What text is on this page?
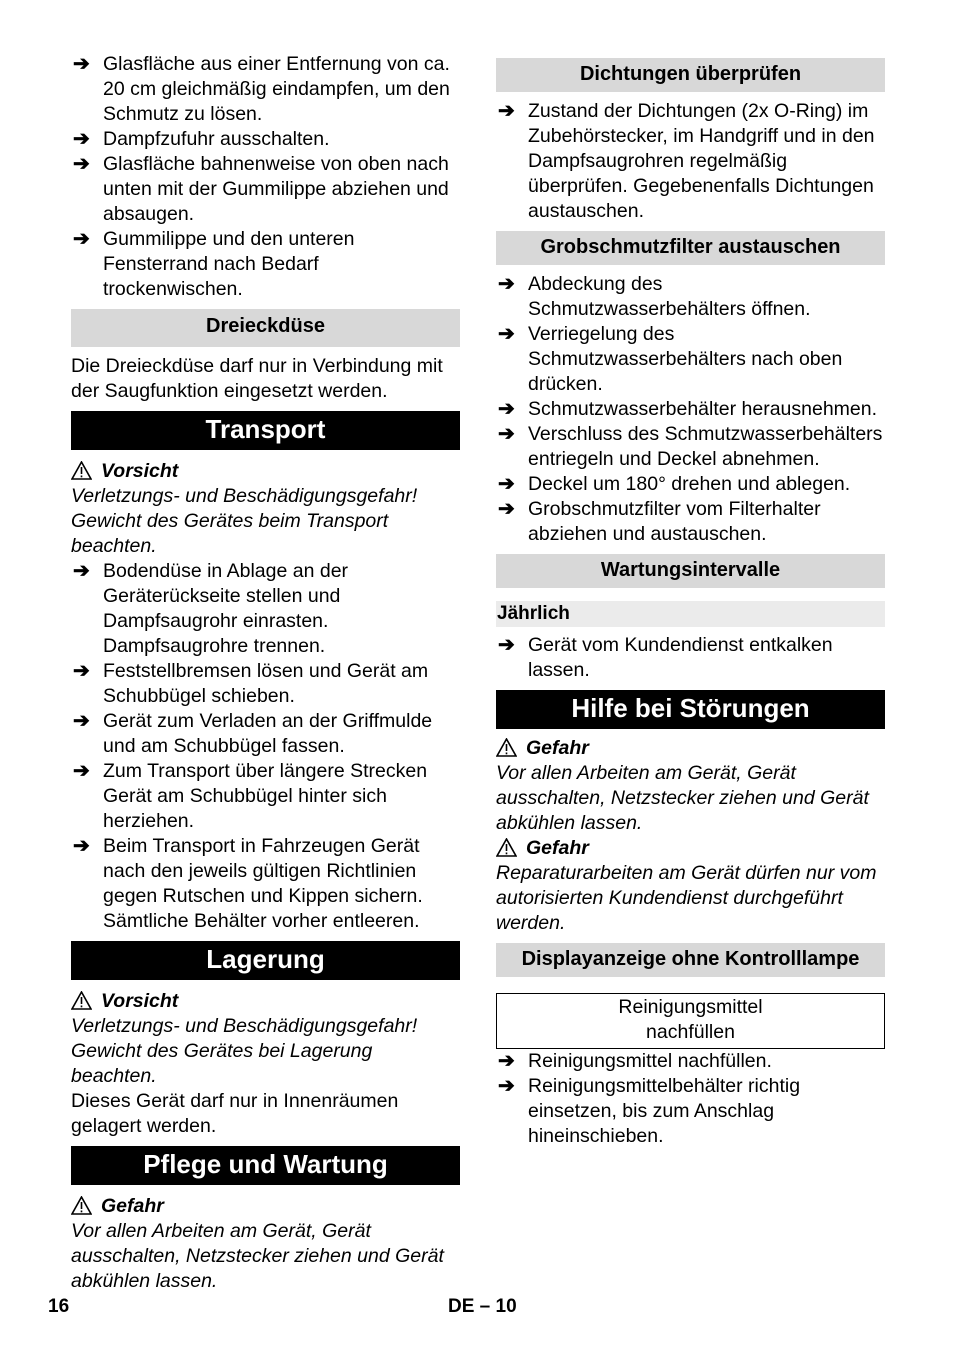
➔ Glasfläche aus einer Entfernung von ca. 20 cm gleichmäßig eindampfen, um den Schmutz zu lösen.
➔ Dampfzufuhr ausschalten.
➔ Glasfläche bahnenweise von oben nach unten mit der Gummilippe abziehen und absaugen.
➔ Gummilippe und den unteren Fensterrand nach Bedarf trockenwischen.
Dreieckdüse
Die Dreieckdüse darf nur in Verbindung mit der Saugfunktion eingesetzt werden.
Transport
Vorsicht
Verletzungs- und Beschädigungsgefahr! Gewicht des Gerätes beim Transport beachten.
➔ Bodendüse in Ablage an der Geräterückseite stellen und Dampfsaugrohr einrasten. Dampfsaugrohre trennen.
➔ Feststellbremsen lösen und Gerät am Schubbügel schieben.
➔ Gerät zum Verladen an der Griffmulde und am Schubbügel fassen.
➔ Zum Transport über längere Strecken Gerät am Schubbügel hinter sich herziehen.
➔ Beim Transport in Fahrzeugen Gerät nach den jeweils gültigen Richtlinien gegen Rutschen und Kippen sichern. Sämtliche Behälter vorher entleeren.
Lagerung
Vorsicht
Verletzungs- und Beschädigungsgefahr! Gewicht des Gerätes bei Lagerung beachten.
Dieses Gerät darf nur in Innenräumen gelagert werden.
Pflege und Wartung
Gefahr
Vor allen Arbeiten am Gerät, Gerät ausschalten, Netzstecker ziehen und Gerät abkühlen lassen.
Dichtungen überprüfen
➔ Zustand der Dichtungen (2x O-Ring) im Zubehörstecker, im Handgriff und in den Dampfsaugrohren regelmäßig überprüfen. Gegebenenfalls Dichtungen austauschen.
Grobschmutzfilter austauschen
➔ Abdeckung des Schmutzwasserbehälters öffnen.
➔ Verriegelung des Schmutzwasserbehälters nach oben drücken.
➔ Schmutzwasserbehälter herausnehmen.
➔ Verschluss des Schmutzwasserbehälters entriegeln und Deckel abnehmen.
➔ Deckel um 180° drehen und ablegen.
➔ Grobschmutzfilter vom Filterhalter abziehen und austauschen.
Wartungsintervalle
Jährlich
➔ Gerät vom Kundendienst entkalken lassen.
Hilfe bei Störungen
Gefahr
Vor allen Arbeiten am Gerät, Gerät ausschalten, Netzstecker ziehen und Gerät abkühlen lassen.
Gefahr
Reparaturarbeiten am Gerät dürfen nur vom autorisierten Kundendienst durchgeführt werden.
Displayanzeige ohne Kontrolllampe
Reinigungsmittel
nachfüllen
➔ Reinigungsmittel nachfüllen.
➔ Reinigungsmittelbehälter richtig einsetzen, bis zum Anschlag hineinschieben.
16	DE – 10
